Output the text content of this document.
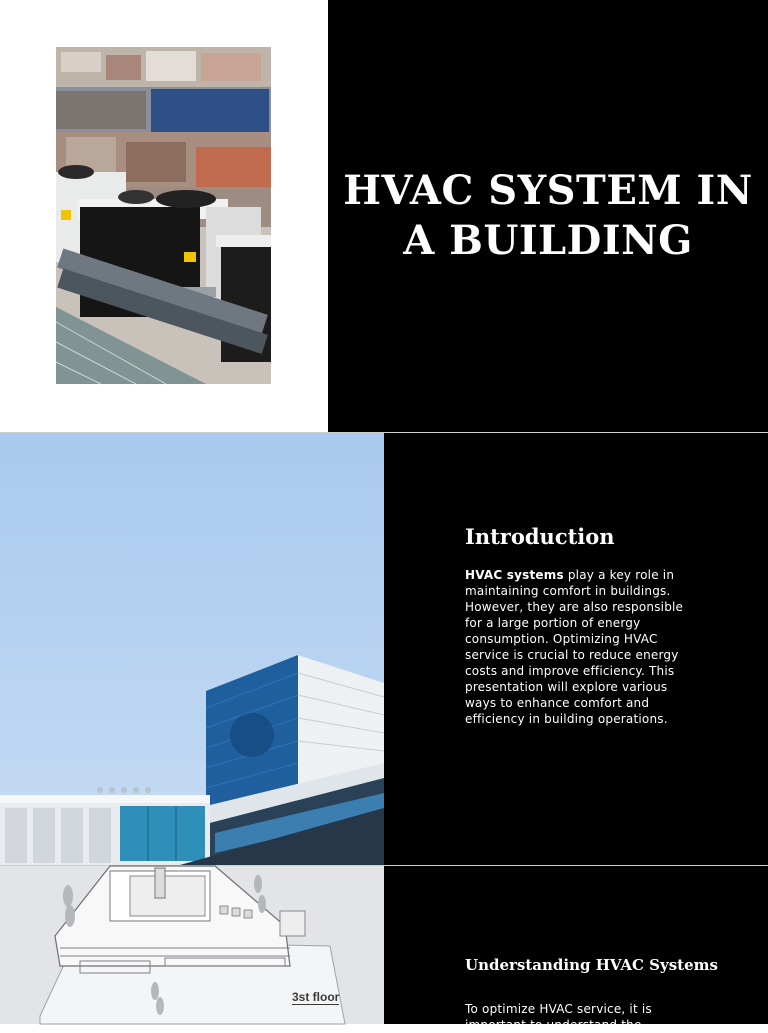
HVAC SYSTEM IN A BUILDING
Introduction

HVAC systems play a key role in maintaining comfort in buildings. However, they are also responsible for a large portion of energy consumption. Optimizing HVAC service is crucial to reduce energy costs and improve efficiency. This presentation will explore various ways to enhance comfort and efficiency in building operations.

3st floor
Understanding HVAC Systems

To optimize HVAC service, it is important to understand the
